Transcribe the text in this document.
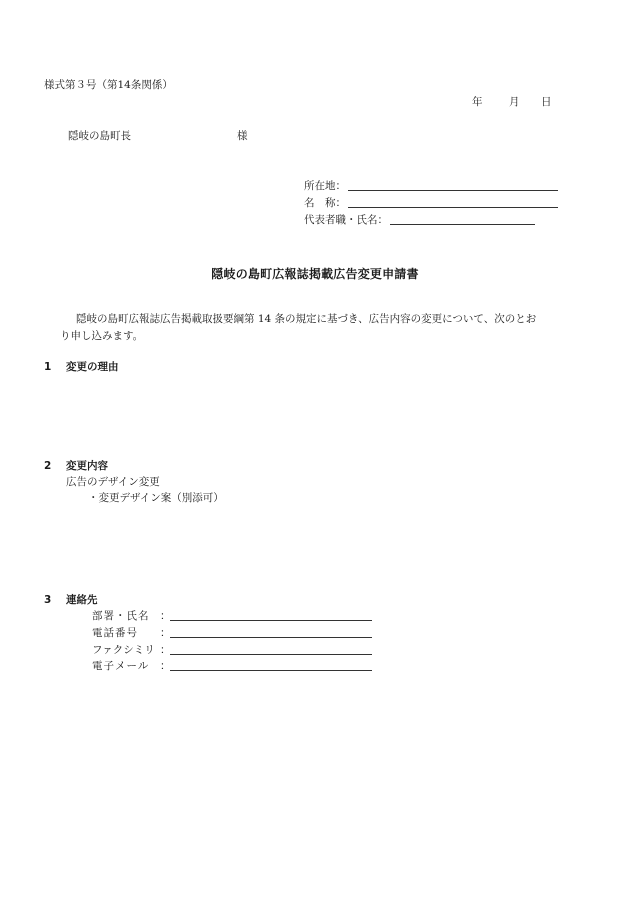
様式第３号（第14条関係）
年	月 日
隠岐の島町長	様
所在地：
名　称：
代表者職・氏名：
隠岐の島町広報誌掲載広告変更申請書
隠岐の島町広報誌広告掲載取扱要綱第 14 条の規定に基づき、広告内容の変更について、次のとお
り申し込みます。
1 変更の理由
2 変更内容
広告のデザイン変更
・変更デザイン案（別添可）
3 連絡先
部署・氏名	：
電話番号	：
ファクシミリ ：
電子メール	：
